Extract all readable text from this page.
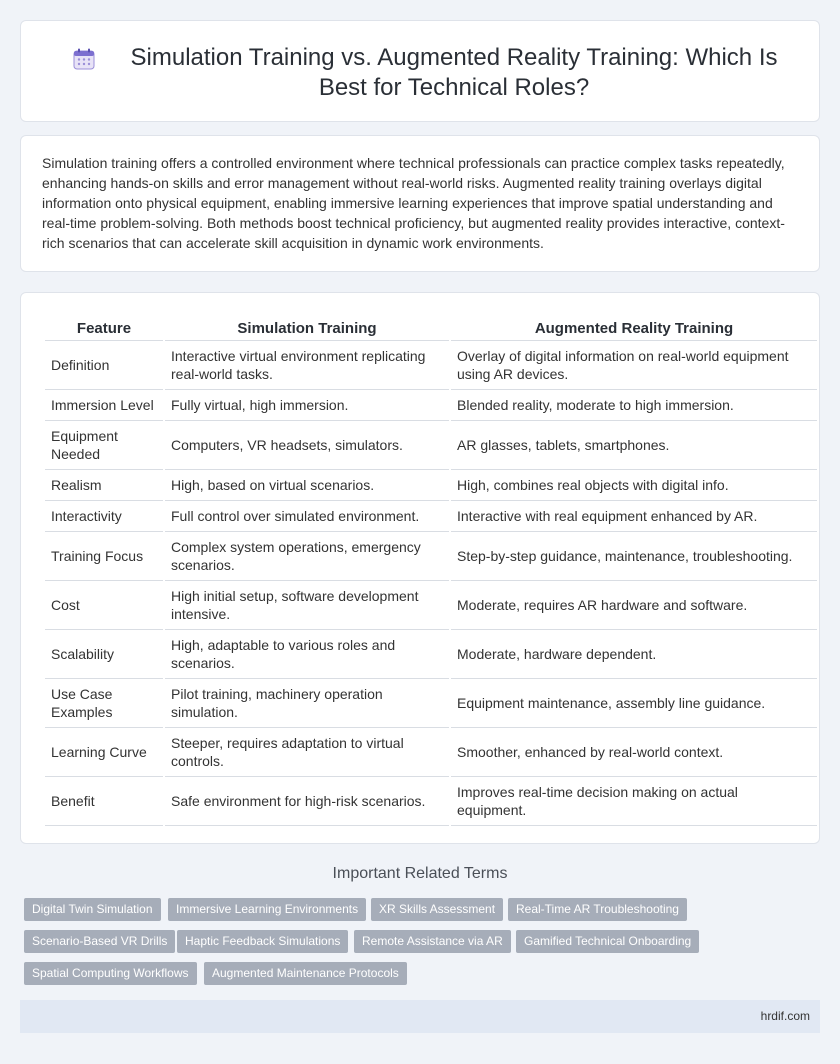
Simulation Training vs. Augmented Reality Training: Which Is Best for Technical Roles?

Simulation training offers a controlled environment where technical professionals can practice complex tasks repeatedly, enhancing hands-on skills and error management without real-world risks. Augmented reality training overlays digital information onto physical equipment, enabling immersive learning experiences that improve spatial understanding and real-time problem-solving. Both methods boost technical proficiency, but augmented reality provides interactive, context-rich scenarios that can accelerate skill acquisition in dynamic work environments.

Feature	Simulation Training	Augmented Reality Training
Definition	Interactive virtual environment replicating real-world tasks.	Overlay of digital information on real-world equipment using AR devices.
Immersion Level	Fully virtual, high immersion.	Blended reality, moderate to high immersion.
Equipment Needed	Computers, VR headsets, simulators.	AR glasses, tablets, smartphones.
Realism	High, based on virtual scenarios.	High, combines real objects with digital info.
Interactivity	Full control over simulated environment.	Interactive with real equipment enhanced by AR.
Training Focus	Complex system operations, emergency scenarios.	Step-by-step guidance, maintenance, troubleshooting.
Cost	High initial setup, software development intensive.	Moderate, requires AR hardware and software.
Scalability	High, adaptable to various roles and scenarios.	Moderate, hardware dependent.
Use Case Examples	Pilot training, machinery operation simulation.	Equipment maintenance, assembly line guidance.
Learning Curve	Steeper, requires adaptation to virtual controls.	Smoother, enhanced by real-world context.
Benefit	Safe environment for high-risk scenarios.	Improves real-time decision making on actual equipment.
Important Related Terms
Digital Twin Simulation	Immersive Learning Environments	XR Skills Assessment	Real-Time AR Troubleshooting
Scenario-Based VR Drills	Haptic Feedback Simulations	Remote Assistance via AR	Gamified Technical Onboarding
Spatial Computing Workflows	Augmented Maintenance Protocols
hrdif.com
